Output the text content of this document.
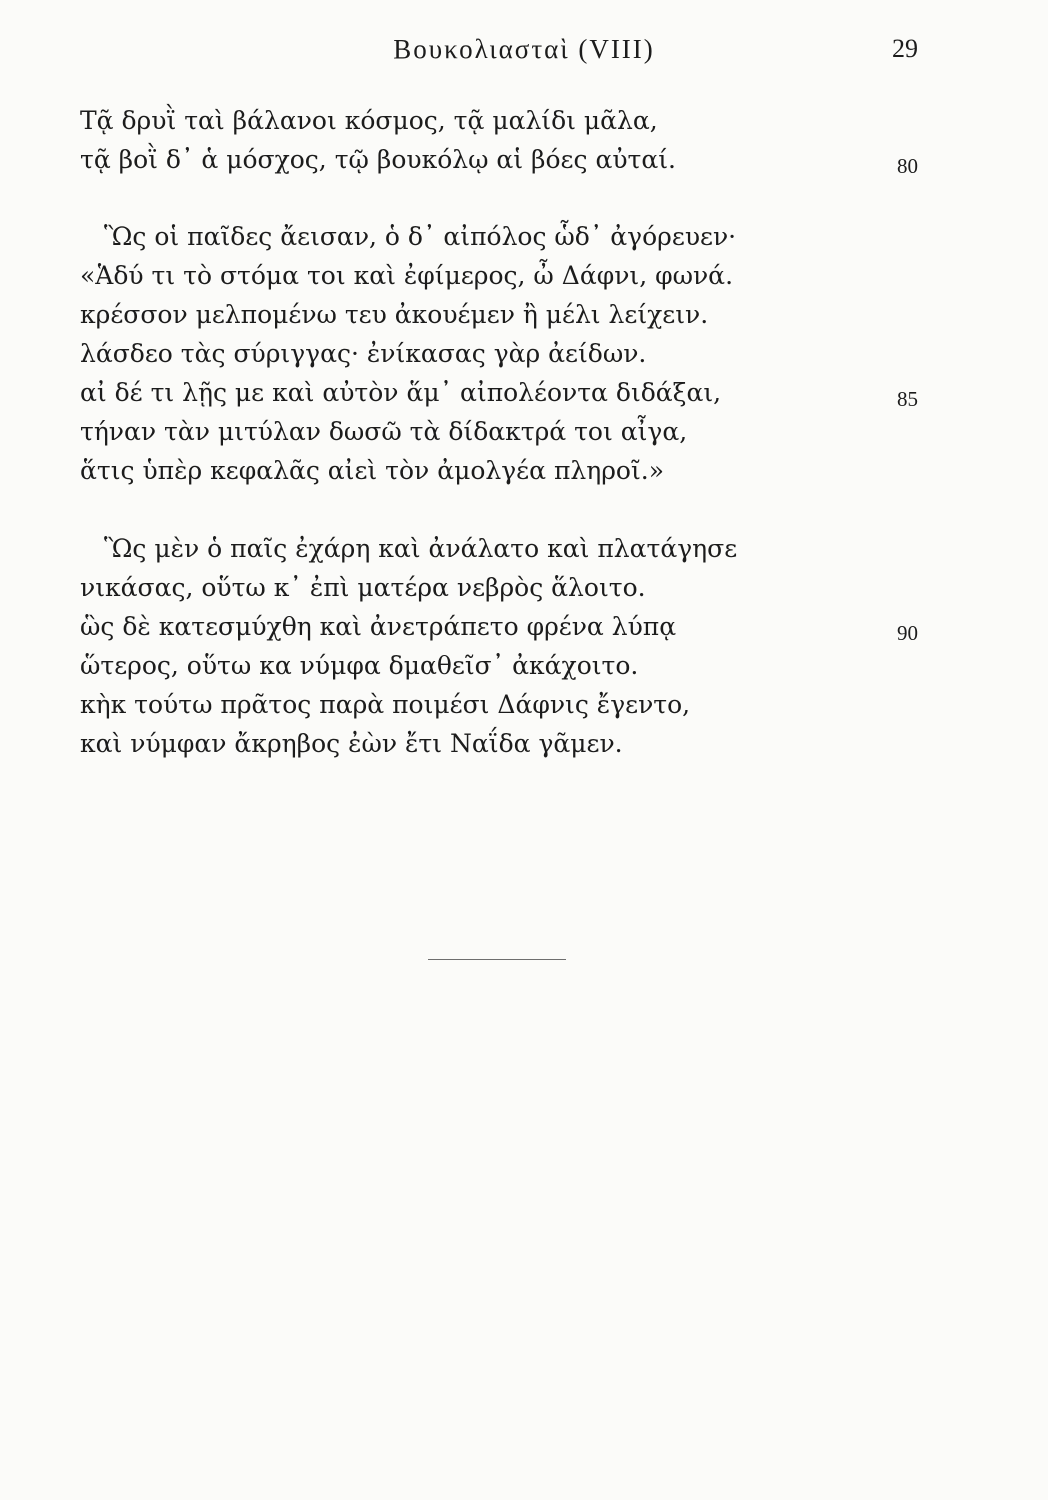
Βουκολιασταὶ (VIII)	29
Τᾷ δρυῒ ταὶ βάλανοι κόσμος, τᾷ μαλίδι μᾶλα,
τᾷ βοῒ δ᾽ ἁ μόσχος, τῷ βουκόλῳ αἱ βόες αὐταί.	80
Ὣς οἱ παῖδες ἄεισαν, ὁ δ᾽ αἰπόλος ὧδ᾽ ἀγόρευεν·
«Ἁδύ τι τὸ στόμα τοι καὶ ἐφίμερος, ὦ Δάφνι, φωνά.
κρέσσον μελπομένω τευ ἀκουέμεν ἢ μέλι λείχειν.
λάσδεο τὰς σύριγγας· ἐνίκασας γὰρ ἀείδων.
αἰ δέ τι λῇς με καὶ αὐτὸν ἅμ᾽ αἰπολέοντα διδάξαι,	85
τήναν τὰν μιτύλαν δωσῶ τὰ δίδακτρά τοι αἶγα,
ἅτις ὑπὲρ κεφαλᾶς αἰεὶ τὸν ἀμολγέα πληροῖ.»
Ὣς μὲν ὁ παῖς ἐχάρη καὶ ἀνάλατο καὶ πλατάγησε
νικάσας, οὕτω κ᾽ ἐπὶ ματέρα νεβρὸς ἅλοιτο.
ὣς δὲ κατεσμύχθη καὶ ἀνετράπετο φρένα λύπᾳ	90
ὥτερος, οὕτω κα νύμφα δμαθεῖσ᾽ ἀκάχοιτο.
κὴκ τούτω πρᾶτος παρὰ ποιμέσι Δάφνις ἔγεντο,
καὶ νύμφαν ἄκρηβος ἐὼν ἔτι Ναΐδα γᾶμεν.
